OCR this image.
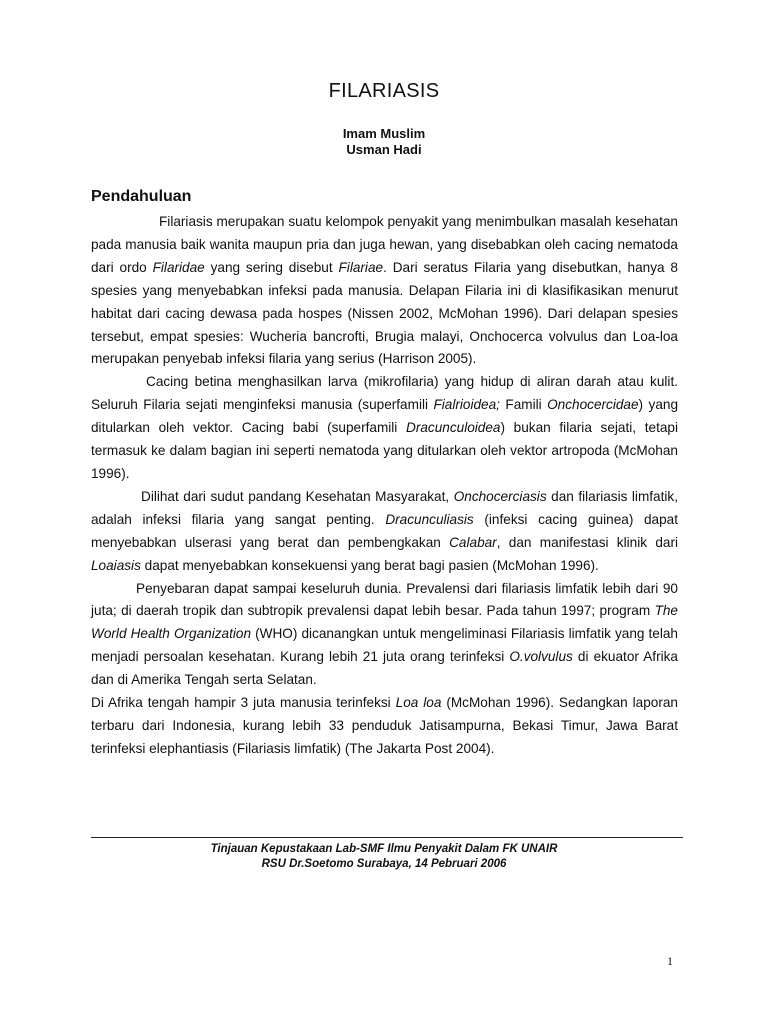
FILARIASIS
Imam Muslim
Usman Hadi
Pendahuluan

Filariasis merupakan suatu kelompok penyakit yang menimbulkan masalah kesehatan pada manusia baik wanita maupun pria dan juga hewan, yang disebabkan oleh cacing nematoda dari ordo Filaridae yang sering disebut Filariae. Dari seratus Filaria yang disebutkan, hanya 8 spesies yang menyebabkan infeksi pada manusia. Delapan Filaria ini di klasifikasikan menurut habitat dari cacing dewasa pada hospes (Nissen 2002, McMohan 1996). Dari delapan spesies tersebut, empat spesies: Wucheria bancrofti, Brugia malayi, Onchocerca volvulus dan Loa-loa merupakan penyebab infeksi filaria yang serius (Harrison 2005).

Cacing betina menghasilkan larva (mikrofilaria) yang hidup di aliran darah atau kulit. Seluruh Filaria sejati menginfeksi manusia (superfamili Fialrioidea; Famili Onchocercidae) yang ditularkan oleh vektor. Cacing babi (superfamili Dracunculoidea) bukan filaria sejati, tetapi termasuk ke dalam bagian ini seperti nematoda yang ditularkan oleh vektor artropoda (McMohan 1996).

Dilihat dari sudut pandang Kesehatan Masyarakat, Onchocerciasis dan filariasis limfatik, adalah infeksi filaria yang sangat penting. Dracunculiasis (infeksi cacing guinea) dapat menyebabkan ulserasi yang berat dan pembengkakan Calabar, dan manifestasi klinik dari Loaiasis dapat menyebabkan konsekuensi yang berat bagi pasien (McMohan 1996).

Penyebaran dapat sampai keseluruh dunia. Prevalensi dari filariasis limfatik lebih dari 90 juta; di daerah tropik dan subtropik prevalensi dapat lebih besar. Pada tahun 1997; program The World Health Organization (WHO) dicanangkan untuk mengeliminasi Filariasis limfatik yang telah menjadi persoalan kesehatan. Kurang lebih 21 juta orang terinfeksi O.volvulus di ekuator Afrika dan di Amerika Tengah serta Selatan.

Di Afrika tengah hampir 3 juta manusia terinfeksi Loa loa (McMohan 1996). Sedangkan laporan terbaru dari Indonesia, kurang lebih 33 penduduk Jatisampurna, Bekasi Timur, Jawa Barat terinfeksi elephantiasis (Filariasis limfatik) (The Jakarta Post 2004).

Tinjauan Kepustakaan Lab-SMF Ilmu Penyakit Dalam FK UNAIR
RSU Dr.Soetomo Surabaya, 14 Pebruari 2006
1
